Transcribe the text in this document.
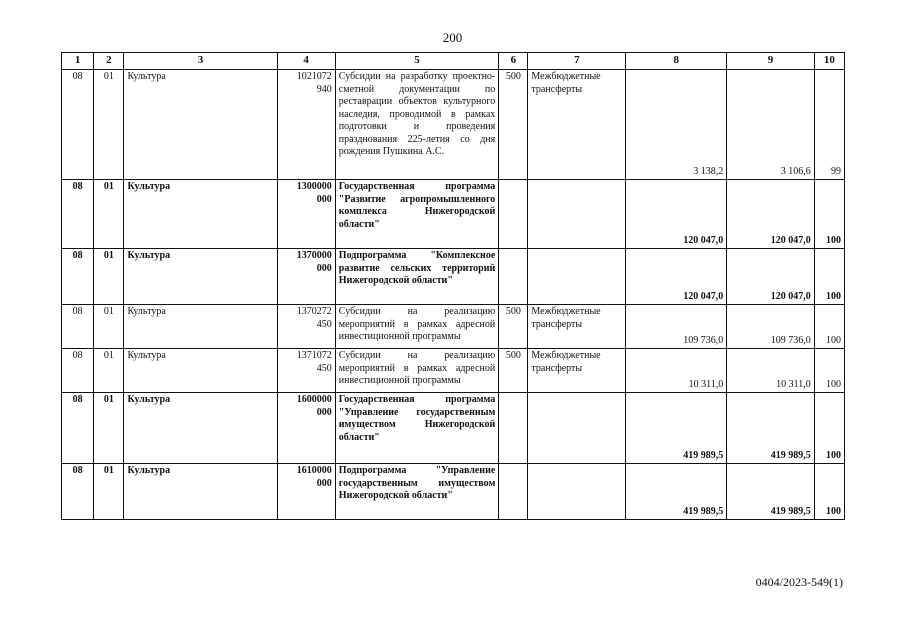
200
1	2	3	4	5	6	7	8	9	10
08	01	Культура	1021072 940	Субсидии на разработку проектно-сметной документации по реставрации объектов культурного наследия, проводимой в рамках подготовки и проведения празднования 225-летия со дня рождения Пушкина А.С.	500	Межбюджетные трансферты	3 138,2	3 106,6	99
08	01	Культура	1300000 000	Государственная программа "Развитие агропромышленного комплекса Нижегородской области"			120 047,0	120 047,0	100
08	01	Культура	1370000 000	Подпрограмма "Комплексное развитие сельских территорий Нижегородской области"			120 047,0	120 047,0	100
08	01	Культура	1370272 450	Субсидии на реализацию мероприятий в рамках адресной инвестиционной программы	500	Межбюджетные трансферты	109 736,0	109 736,0	100
08	01	Культура	1371072 450	Субсидии на реализацию мероприятий в рамках адресной инвестиционной программы	500	Межбюджетные трансферты	10 311,0	10 311,0	100
08	01	Культура	1600000 000	Государственная программа "Управление государственным имуществом Нижегородской области"			419 989,5	419 989,5	100
08	01	Культура	1610000 000	Подпрограмма "Управление государственным имуществом Нижегородской области"			419 989,5	419 989,5	100
0404/2023-549(1)
